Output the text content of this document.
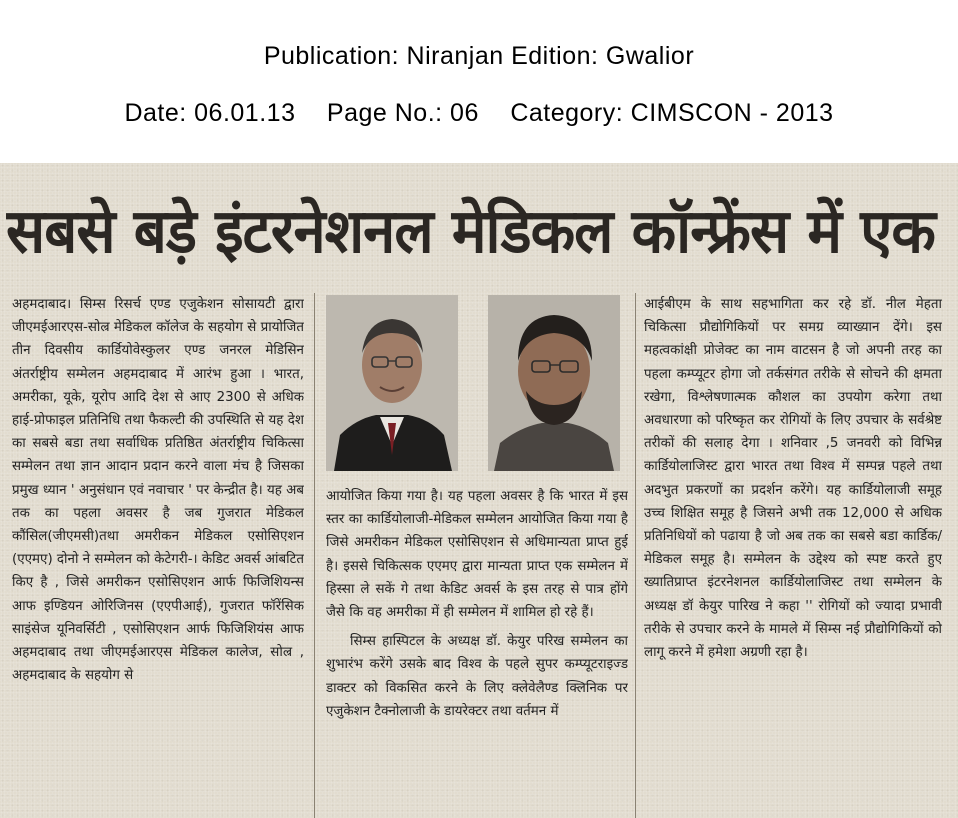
Publication: Niranjan Edition: Gwalior
Date: 06.01.13 Page No.: 06 Category: CIMSCON - 2013
सबसे बड़े इंटरनेशनल मेडिकल कॉन्फ्रेंस में एक

अहमदाबाद। सिम्स रिसर्च एण्ड एजुकेशन सोसायटी द्वारा जीएमईआरएस-सोल्र मेडिकल कॉलेज के सहयोग से प्रायोजित तीन दिवसीय कार्डियोवेस्कुलर एण्ड जनरल मेडिसिन अंतर्राष्ट्रीय सम्मेलन अहमदाबाद में आरंभ हुआ । भारत, अमरीका, यूके, यूरोप आदि देश से आए 2300 से अधिक हाई-प्रोफाइल प्रतिनिधि तथा फैकल्टी की उपस्थिति से यह देश का सबसे बडा तथा सर्वाधिक प्रतिष्ठित अंतर्राष्ट्रीय चिकित्सा सम्मेलन तथा ज्ञान आदान प्रदान करने वाला मंच है जिसका प्रमुख ध्यान ' अनुसंधान एवं नवाचार ' पर केन्द्रीत है। यह अब तक का पहला अवसर है जब गुजरात मेडिकल कौंसिल(जीएमसी)तथा अमरीकन मेडिकल एसोसिएशन (एएमए) दोनो ने सम्मेलन को केटेगरी-। केडिट अवर्स आंबटित किए है , जिसे अमरीकन एसोसिएशन आर्फ फिजिशियन्स आफ इण्डियन ओरिजिनस (एएपीआई), गुजरात फॉरेंसिक साइंसेज यूनिवर्सिटी , एसोसिएशन आर्फ फिजिशियंस आफ अहमदाबाद तथा जीएमईआरएस मेडिकल कालेज, सोल्र , अहमदाबाद के सहयोग से

आयोजित किया गया है। यह पहला अवसर है कि भारत में इस स्तर का कार्डियोलाजी-मेडिकल सम्मेलन आयोजित किया गया है जिसे अमरीकन मेडिकल एसोसिएशन से अधिमान्यता प्राप्त हुई है। इससे चिकित्सक एएमए द्वारा मान्यता प्राप्त एक सम्मेलन में हिस्सा ले सकें गे तथा केडिट अवर्स के इस तरह से पात्र होंगे जैसे कि वह अमरीका में ही सम्मेलन में शामिल हो रहे हैं।

सिम्स हास्पिटल के अध्यक्ष डॉ. केयुर परिख सम्मेलन का शुभारंभ करेंगे उसके बाद विश्व के पहले सुपर कम्प्यूटराइज्ड डाक्टर को विकसित करने के लिए क्लेवेलैण्ड क्लिनिक पर एजुकेशन टैक्नोलाजी के डायरेक्टर तथा वर्तमन में

आईबीएम के साथ सहभागिता कर रहे डॉ. नील मेहता चिकित्सा प्रौद्योगिकियों पर समग्र व्याख्यान देंगे। इस महत्वकांक्षी प्रोजेक्ट का नाम वाटसन है जो अपनी तरह का पहला कम्प्यूटर होगा जो तर्कसंगत तरीके से सोचने की क्षमता रखेगा, विश्लेषणात्मक कौशल का उपयोग करेगा तथा अवधारणा को परिष्कृत कर रोगियों के लिए उपचार के सर्वश्रेष्ट तरीकों की सलाह देगा । शनिवार ,5 जनवरी को विभिन्न कार्डियोलाजिस्ट द्वारा भारत तथा विश्व में सम्पन्न पहले तथा अदभुत प्रकरणों का प्रदर्शन करेंगे। यह कार्डियोलाजी समूह उच्च शिक्षित समूह है जिसने अभी तक 12,000 से अधिक प्रतिनिधियों को पढाया है जो अब तक का सबसे बडा कार्डिक/मेडिकल समूह है। सम्मेलन के उद्देश्य को स्पष्ट करते हुए ख्यातिप्राप्त इंटरनेशनल कार्डियोलाजिस्ट तथा सम्मेलन के अध्यक्ष डॉ केयुर पारिख ने कहा '' रोगियों को ज्यादा प्रभावी तरीके से उपचार करने के मामले में सिम्स नई प्रौद्योगिकियों को लागू करने में हमेशा अग्रणी रहा है।
